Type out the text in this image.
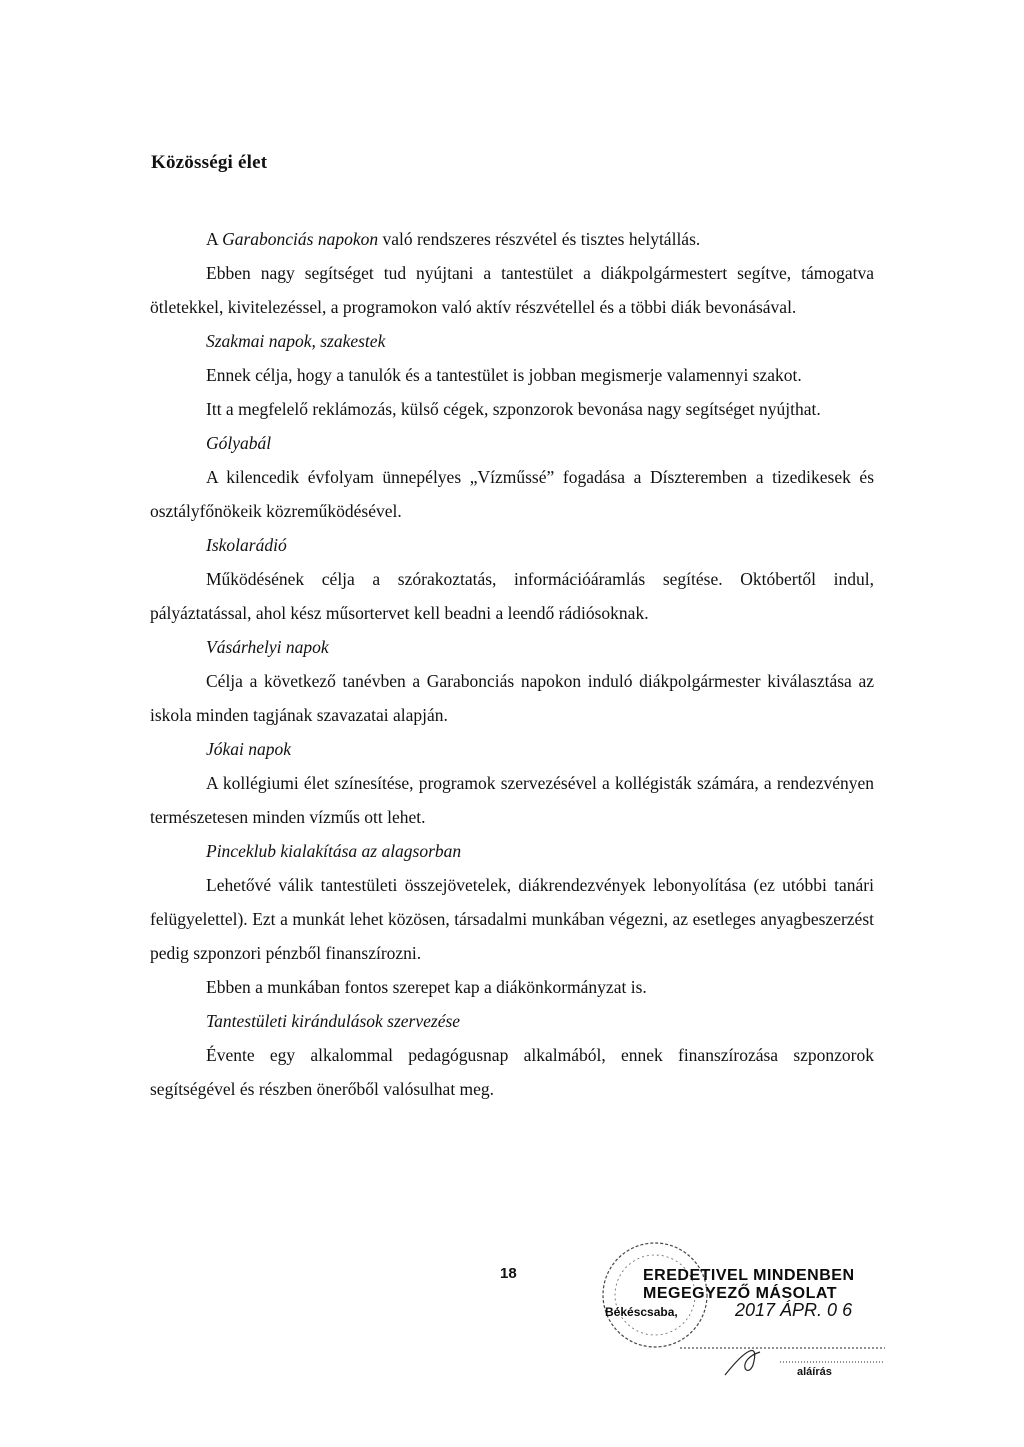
Közösségi élet

A Garabonciás napokon való rendszeres részvétel és tisztes helytállás.

Ebben nagy segítséget tud nyújtani a tantestület a diákpolgármestert segítve, támogatva ötletekkel, kivitelezéssel, a programokon való aktív részvétellel és a többi diák bevonásával.

Szakmai napok, szakestek

Ennek célja, hogy a tanulók és a tantestület is jobban megismerje valamennyi szakot.

Itt a megfelelő reklámozás, külső cégek, szponzorok bevonása nagy segítséget nyújthat.

Gólyabál

A kilencedik évfolyam ünnepélyes „Vízműssé” fogadása a Díszteremben a tizedikesek és osztályfőnökeik közreműködésével.

Iskolarádió

Működésének célja a szórakoztatás, információáramlás segítése. Októbertől indul, pályáztatással, ahol kész műsortervet kell beadni a leendő rádiósoknak.

Vásárhelyi napok

Célja a következő tanévben a Garabonciás napokon induló diákpolgármester kiválasztása az iskola minden tagjának szavazatai alapján.

Jókai napok

A kollégiumi élet színesítése, programok szervezésével a kollégisták számára, a rendezvényen természetesen minden vízműs ott lehet.

Pinceklub kialakítása az alagsorban

Lehetővé válik tantestületi összejövetelek, diákrendezvények lebonyolítása (ez utóbbi tanári felügyelettel). Ezt a munkát lehet közösen, társadalmi munkában végezni, az esetleges anyagbeszerzést pedig szponzori pénzből finanszírozni.

Ebben a munkában fontos szerepet kap a diákönkormányzat is.

Tantestületi kirándulások szervezése

Évente egy alkalommal pedagógusnap alkalmából, ennek finanszírozása szponzorok segítségével és részben önerőből valósulhat meg.

18	EREDETIVEL MINDENBEN
MEGEGYEZŐ MÁSOLAT
Békéscsaba,	2017 ÁPR. 0 6
aláírás
